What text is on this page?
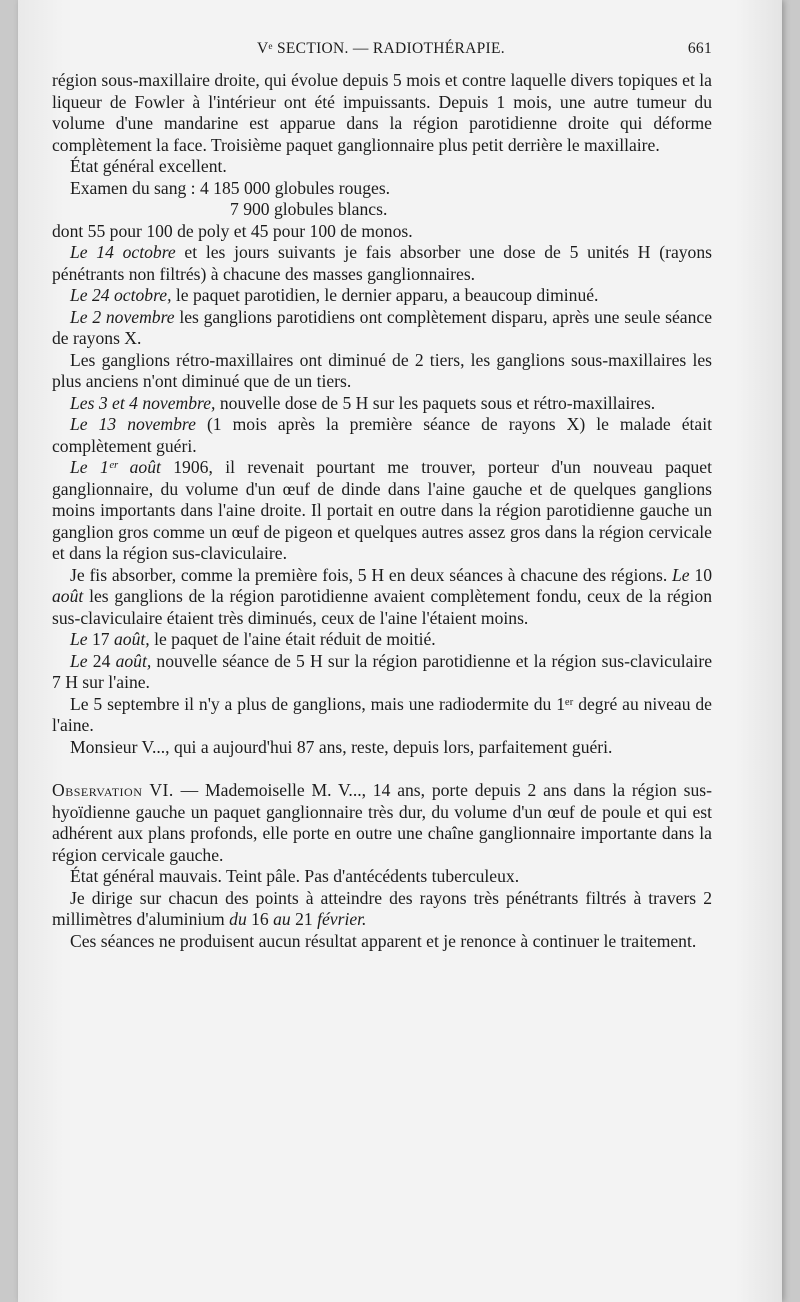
Vᵉ SECTION. — RADIOTHÉRAPIE.	661

région sous-maxillaire droite, qui évolue depuis 5 mois et contre laquelle divers topiques et la liqueur de Fowler à l'intérieur ont été impuissants. Depuis 1 mois, une autre tumeur du volume d'une mandarine est apparue dans la région parotidienne droite qui déforme complètement la face. Troisième paquet ganglionnaire plus petit derrière le maxillaire.

État général excellent.

Examen du sang : 4 185 000 globules rouges.

7 900 globules blancs.

dont 55 pour 100 de poly et 45 pour 100 de monos.

Le 14 octobre et les jours suivants je fais absorber une dose de 5 unités H (rayons pénétrants non filtrés) à chacune des masses ganglionnaires.

Le 24 octobre, le paquet parotidien, le dernier apparu, a beaucoup diminué.

Le 2 novembre les ganglions parotidiens ont complètement disparu, après une seule séance de rayons X.

Les ganglions rétro-maxillaires ont diminué de 2 tiers, les ganglions sous-maxillaires les plus anciens n'ont diminué que de un tiers.

Les 3 et 4 novembre, nouvelle dose de 5 H sur les paquets sous et rétro-maxillaires.

Le 13 novembre (1 mois après la première séance de rayons X) le malade était complètement guéri.

Le 1ᵉʳ août 1906, il revenait pourtant me trouver, porteur d'un nouveau paquet ganglionnaire, du volume d'un œuf de dinde dans l'aine gauche et de quelques ganglions moins importants dans l'aine droite. Il portait en outre dans la région parotidienne gauche un ganglion gros comme un œuf de pigeon et quelques autres assez gros dans la région cervicale et dans la région sus-claviculaire.

Je fis absorber, comme la première fois, 5 H en deux séances à chacune des régions. Le 10 août les ganglions de la région parotidienne avaient complètement fondu, ceux de la région sus-claviculaire étaient très diminués, ceux de l'aine l'étaient moins.

Le 17 août, le paquet de l'aine était réduit de moitié.

Le 24 août, nouvelle séance de 5 H sur la région parotidienne et la région sus-claviculaire 7 H sur l'aine.

Le 5 septembre il n'y a plus de ganglions, mais une radiodermite du 1ᵉʳ degré au niveau de l'aine.

Monsieur V..., qui a aujourd'hui 87 ans, reste, depuis lors, parfaitement guéri.

Observation VI. — Mademoiselle M. V..., 14 ans, porte depuis 2 ans dans la région sus-hyoïdienne gauche un paquet ganglionnaire très dur, du volume d'un œuf de poule et qui est adhérent aux plans profonds, elle porte en outre une chaîne ganglionnaire importante dans la région cervicale gauche.

État général mauvais. Teint pâle. Pas d'antécédents tuberculeux.

Je dirige sur chacun des points à atteindre des rayons très pénétrants filtrés à travers 2 millimètres d'aluminium du 16 au 21 février.

Ces séances ne produisent aucun résultat apparent et je renonce à continuer le traitement.
